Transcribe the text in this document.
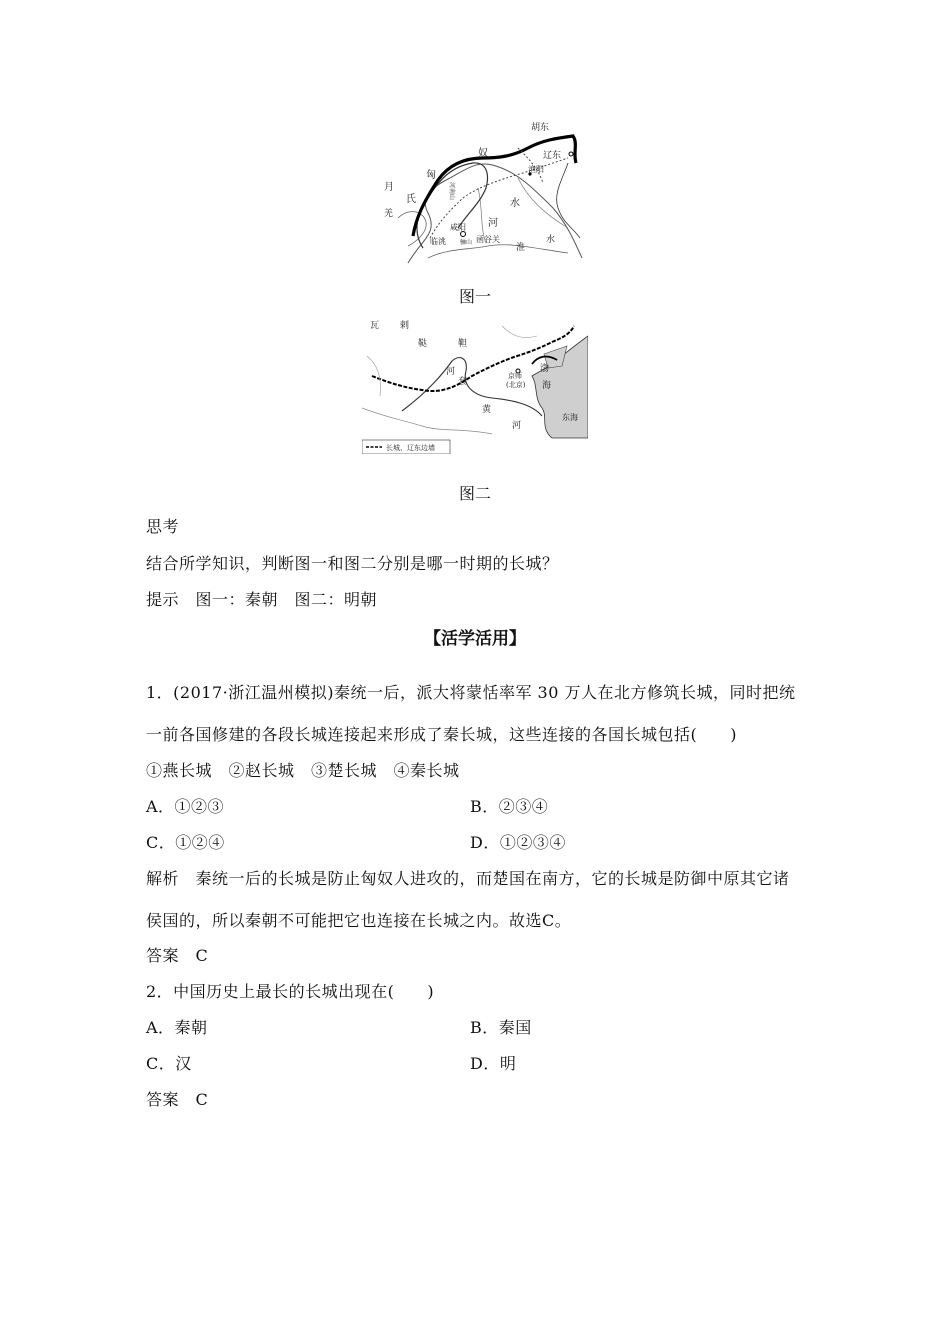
胡东
奴	辽东
渔阳
月
氏
羌
匈
河南山
水
河
咸阳
临洮 骊山 函谷关
淮
水
图一
长城、辽东边墙
瓦 剌
鞑	靼
河
套
京师
(北京)
渤
海
黄
河
东海
图二
思考
结合所学知识，判断图一和图二分别是哪一时期的长城？
提示　图一：秦朝　图二：明朝
【活学活用】
1．(2017·浙江温州模拟)秦统一后，派大将蒙恬率军 30 万人在北方修筑长城，同时把统
一前各国修建的各段长城连接起来形成了秦长城，这些连接的各国长城包括(　　)
①燕长城　②赵长城　③楚长城　④秦长城
A．①②③	B．②③④
C．①②④	D．①②③④
解析　秦统一后的长城是防止匈奴人进攻的，而楚国在南方，它的长城是防御中原其它诸
侯国的，所以秦朝不可能把它也连接在长城之内。故选C。
答案　C
2．中国历史上最长的长城出现在(　　)
A．秦朝	B．秦国
C．汉	D．明
答案　C
